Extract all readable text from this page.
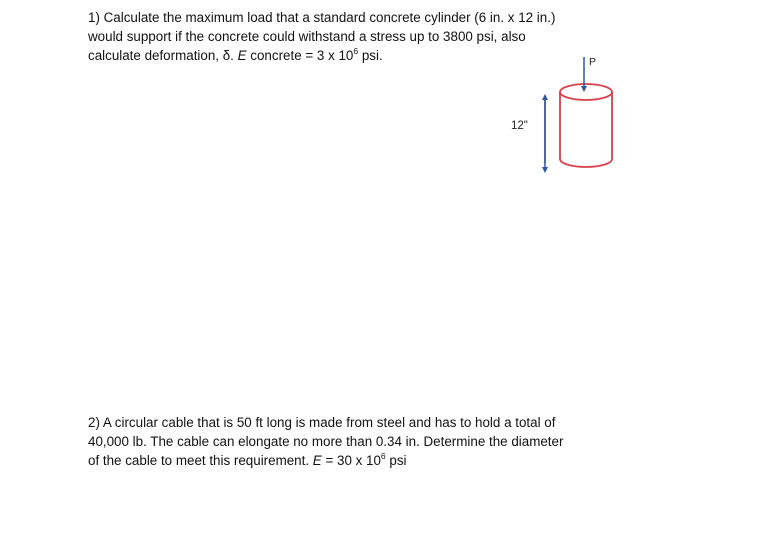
1) Calculate the maximum load that a standard concrete cylinder (6 in. x 12 in.)
would support if the concrete could withstand a stress up to 3800 psi, also
calculate deformation, δ. E concrete = 3 x $10^6$ psi.	P
12"
2) A circular cable that is 50 ft long is made from steel and has to hold a total of
40,000 lb. The cable can elongate no more than 0.34 in. Determine the diameter
of the cable to meet this requirement. E = 30 x $10^6$ psi
